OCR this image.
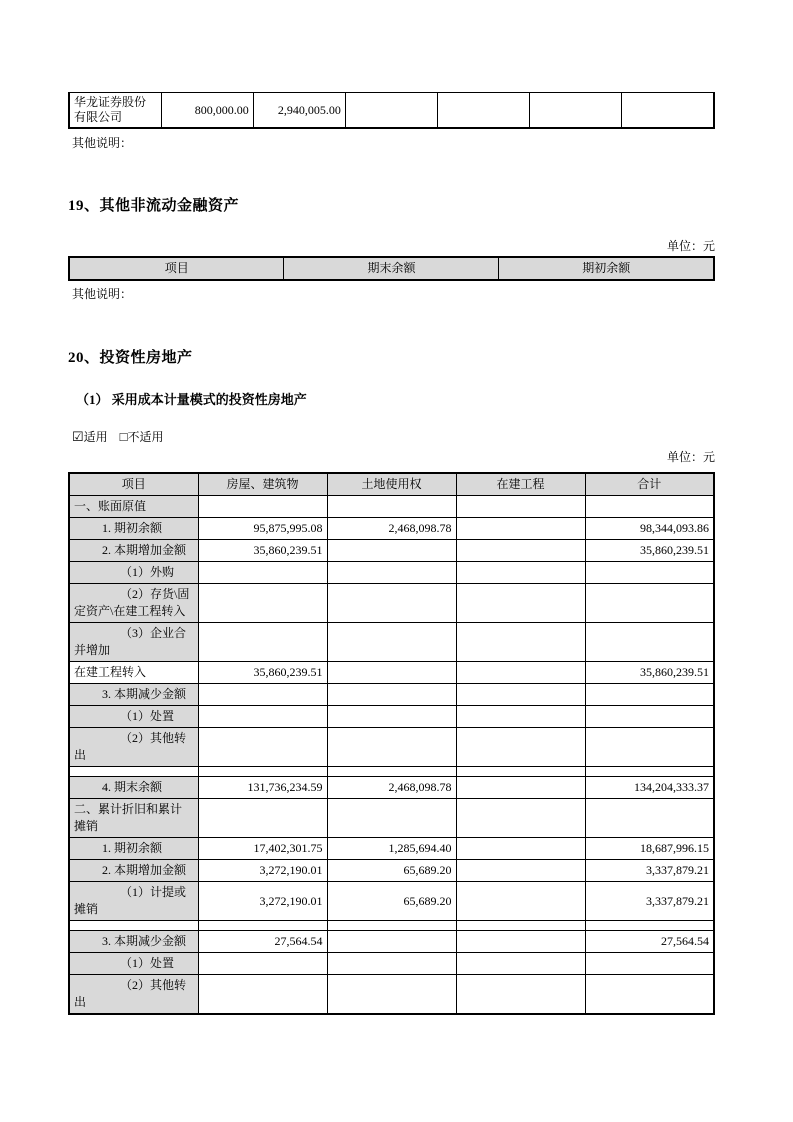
华龙证券股份有限公司	800,000.00	2,940,005.00				
其他说明：
19、其他非流动金融资产
单位：元
项目	期末余额	期初余额
其他说明：
20、投资性房地产
（1） 采用成本计量模式的投资性房地产
☑适用 □不适用
单位：元
项目	房屋、建筑物	土地使用权	在建工程	合计
一、账面原值				
1. 期初余额	95,875,995.08	2,468,098.78		98,344,093.86
2. 本期增加金额	35,860,239.51			35,860,239.51
（1）外购				
（2）存货\固定资产\在建工程转入				
（3）企业合并增加				
在建工程转入	35,860,239.51			35,860,239.51
3. 本期减少金额				
（1）处置				
（2）其他转出				

4. 期末余额	131,736,234.59	2,468,098.78		134,204,333.37
二、累计折旧和累计摊销				
1. 期初余额	17,402,301.75	1,285,694.40		18,687,996.15
2. 本期增加金额	3,272,190.01	65,689.20		3,337,879.21
（1）计提或摊销	3,272,190.01	65,689.20		3,337,879.21

3. 本期减少金额	27,564.54			27,564.54
（1）处置				
（2）其他转出				
